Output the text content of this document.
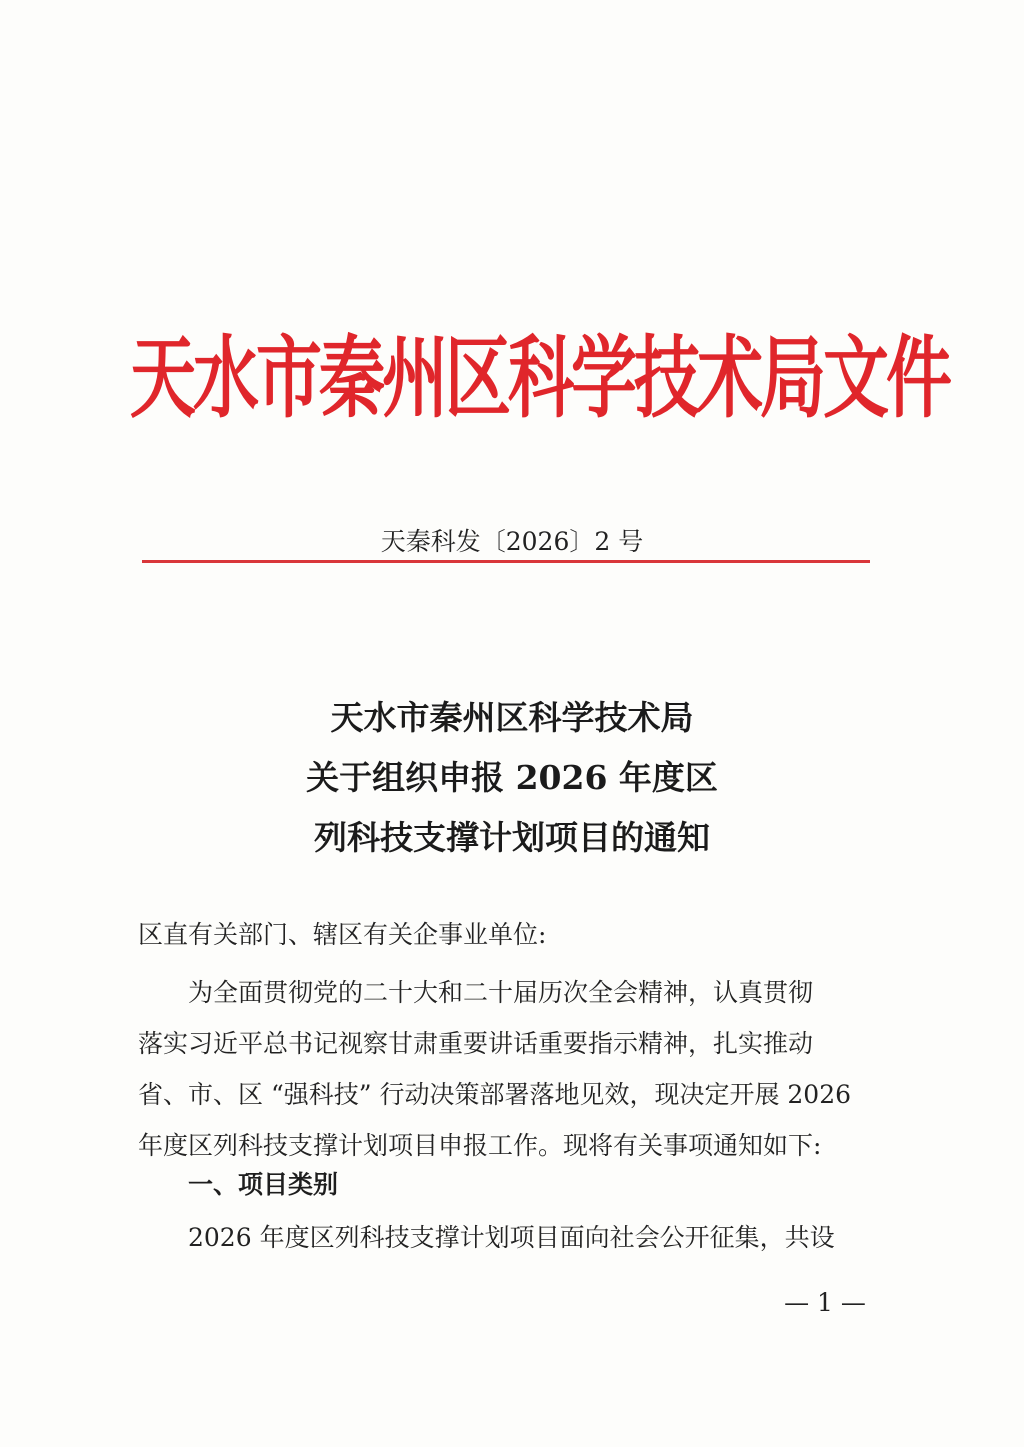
天水市秦州区科学技术局文件
天秦科发〔2026〕2 号
天水市秦州区科学技术局
关于组织申报 2026 年度区
列科技支撑计划项目的通知
区直有关部门、辖区有关企事业单位:
为全面贯彻党的二十大和二十届历次全会精神，认真贯彻
落实习近平总书记视察甘肃重要讲话重要指示精神，扎实推动
省、市、区 “强科技” 行动决策部署落地见效，现决定开展 2026
年度区列科技支撑计划项目申报工作。现将有关事项通知如下:
一、项目类别
2026 年度区列科技支撑计划项目面向社会公开征集，共设
— 1 —
